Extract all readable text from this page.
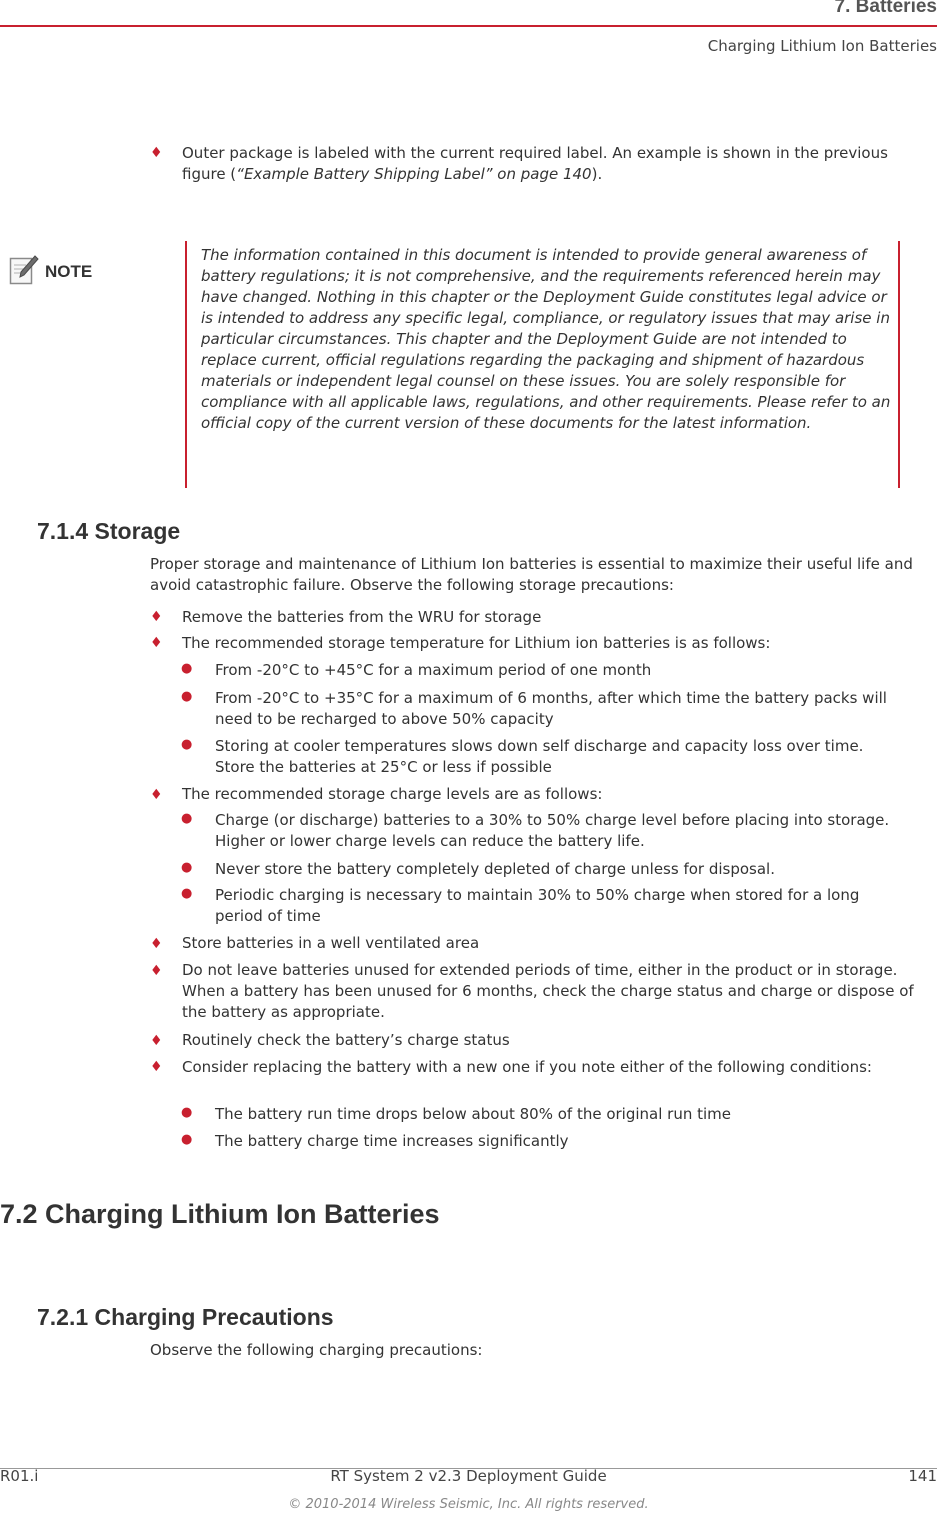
7. Batteries
Charging Lithium Ion Batteries
♦ Outer package is labeled with the current required label. An example is shown in the previous figure (“Example Battery Shipping Label” on page 140).
NOTE
The information contained in this document is intended to provide general awareness of battery regulations; it is not comprehensive, and the requirements referenced herein may have changed. Nothing in this chapter or the Deployment Guide constitutes legal advice or is intended to address any specific legal, compliance, or regulatory issues that may arise in particular circumstances. This chapter and the Deployment Guide are not intended to replace current, official regulations regarding the packaging and shipment of hazardous materials or independent legal counsel on these issues. You are solely responsible for compliance with all applicable laws, regulations, and other requirements. Please refer to an official copy of the current version of these documents for the latest information.
7.1.4 Storage
Proper storage and maintenance of Lithium Ion batteries is essential to maximize their useful life and avoid catastrophic failure. Observe the following storage precautions:
♦ Remove the batteries from the WRU for storage
♦ The recommended storage temperature for Lithium ion batteries is as follows:
● From -20°C to +45°C for a maximum period of one month
● From -20°C to +35°C for a maximum of 6 months, after which time the battery packs will need to be recharged to above 50% capacity
● Storing at cooler temperatures slows down self discharge and capacity loss over time. Store the batteries at 25°C or less if possible
♦ The recommended storage charge levels are as follows:
● Charge (or discharge) batteries to a 30% to 50% charge level before placing into storage. Higher or lower charge levels can reduce the battery life.
● Never store the battery completely depleted of charge unless for disposal.
● Periodic charging is necessary to maintain 30% to 50% charge when stored for a long period of time
♦ Store batteries in a well ventilated area
♦ Do not leave batteries unused for extended periods of time, either in the product or in storage. When a battery has been unused for 6 months, check the charge status and charge or dispose of the battery as appropriate.
♦ Routinely check the battery’s charge status
♦ Consider replacing the battery with a new one if you note either of the following conditions:
● The battery run time drops below about 80% of the original run time
● The battery charge time increases significantly
7.2 Charging Lithium Ion Batteries
7.2.1 Charging Precautions
Observe the following charging precautions:
R01.i	RT System 2 v2.3 Deployment Guide	141
© 2010-2014 Wireless Seismic, Inc. All rights reserved.
